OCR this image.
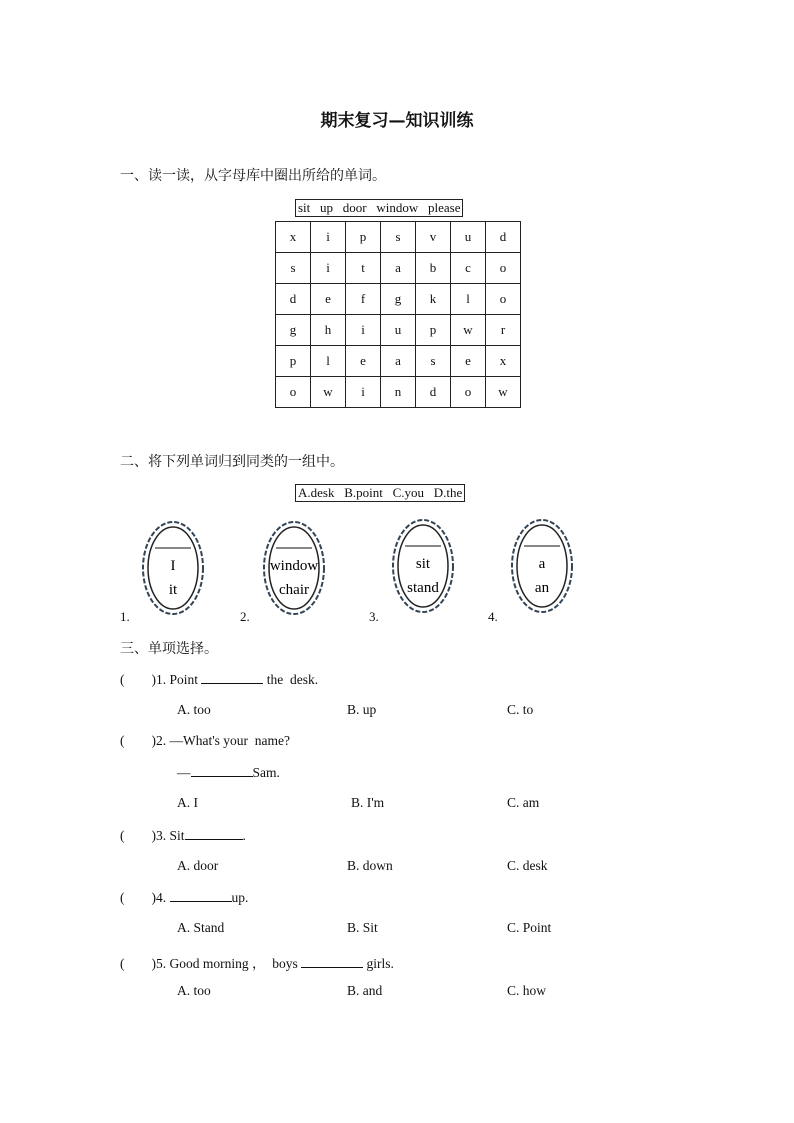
期末复习—知识训练
一、读一读，从字母库中圈出所给的单词。
sit   up   door   window   please
x	i	p	s	v	u	d
s	i	t	a	b	c	o
d	e	f	g	k	l	o
g	h	i	u	p	w	r
p	l	e	a	s	e	x
o	w	i	n	d	o	w
二、将下列单词归到同类的一组中。
A.desk   B.point   C.you   D.the
I
it
window
chair
sit
stand
a
an
1.	2.	3.	4.
三、单项选择。
(        )1. Point	the  desk.
A. too	B. up	C. to
(        )2. —What's your  name?
—	Sam.
A. I	B. I'm	C. am
(        )3. Sit	.
A. door	B. down	C. desk
(        )4.	up.
A. Stand	B. Sit	C. Point
(        )5. Good morning ，  boys	girls.
A. too	B. and	C. how
